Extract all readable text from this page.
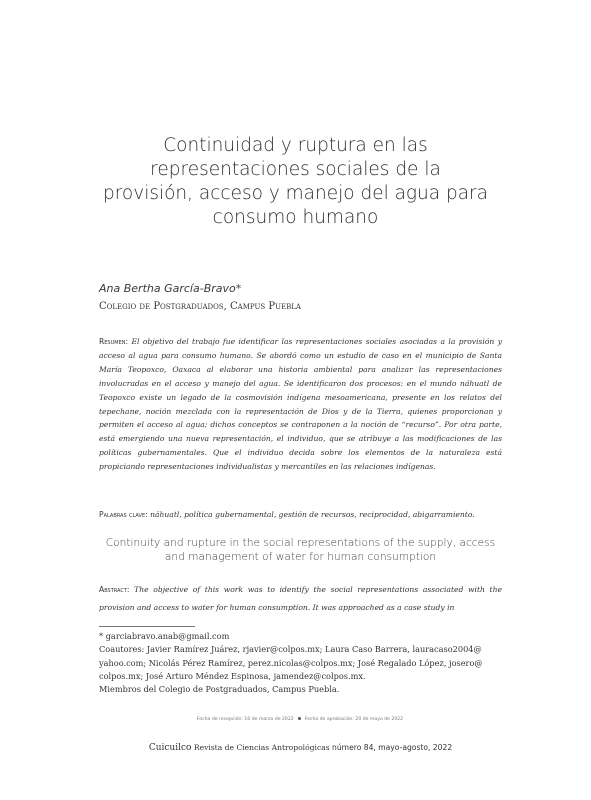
Continuidad y ruptura en las
representaciones sociales de la
provisión, acceso y manejo del agua para
consumo humano
Ana Bertha García-Bravo*
Colegio de Postgraduados, Campus Puebla

Resumen: El objetivo del trabajo fue identificar las representaciones sociales asociadas a la provisión y acceso al agua para consumo humano. Se abordó como un estudio de caso en el municipio de Santa María Teopoxco, Oaxaca al elaborar una historia ambiental para analizar las representaciones involucradas en el acceso y manejo del agua. Se identificaron dos procesos: en el mundo náhuatl de Teopoxco existe un legado de la cosmovisión indígena mesoamericana, presente en los relatos del tepechane, noción mezclada con la representación de Dios y de la Tierra, quienes proporcionan y permiten el acceso al agua; dichos conceptos se contraponen a la noción de “recurso”. Por otra parte, está emergiendo una nueva representación, el individuo, que se atribuye a las modificaciones de las políticas gubernamentales. Que el individuo decida sobre los elementos de la naturaleza está propiciando representaciones individualistas y mercantiles en las relaciones indígenas.

Palabras clave: náhuatl, política gubernamental, gestión de recursos, reciprocidad, abigarramiento.

Continuity and rupture in the social representations of the supply, access
and management of water for human consumption

Abstract: The objective of this work was to identify the social representations associated with the provision and access to water for human consumption. It was approached as a case study in

* garciabravo.anab@gmail.com
Coautores: Javier Ramírez Juárez, rjavier@colpos.mx; Laura Caso Barrera, lauracaso2004@
yahoo.com; Nicolás Pérez Ramírez, perez.nicolas@colpos.mx; José Regalado López, josero@
colpos.mx; José Arturo Méndez Espinosa, jamendez@colpos.mx.
Miembros del Colegio de Postgraduados, Campus Puebla.
Fecha de recepción: 10 de marzo de 2022 Fecha de aprobación: 20 de mayo de 2022
Cuicuilco Revista de Ciencias Antropológicas número 84, mayo-agosto, 2022
